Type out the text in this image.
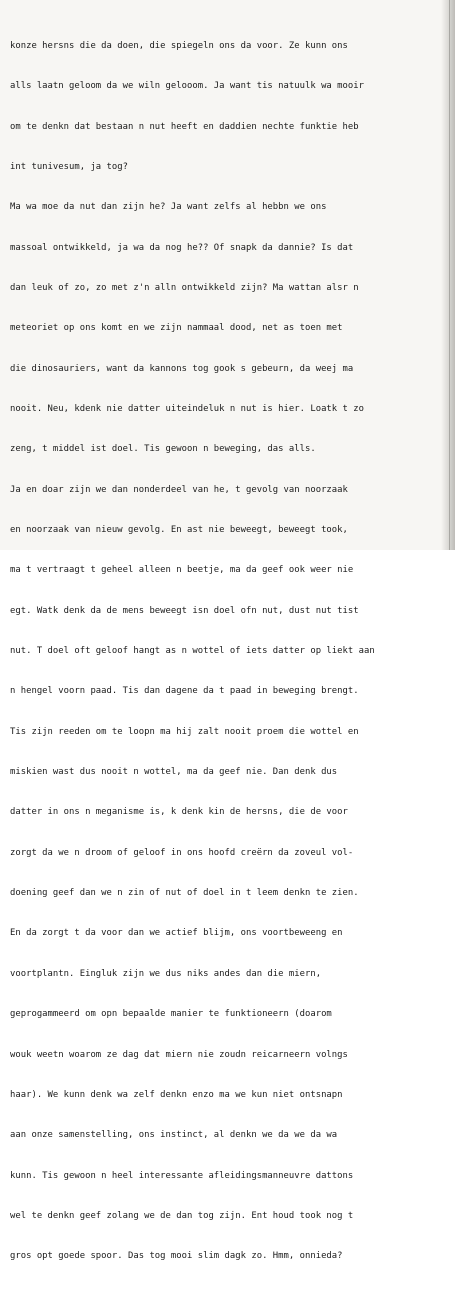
konze hersns die da doen, die spiegeln ons da voor. Ze kunn ons

alls laatn geloom da we wiln gelooom. Ja want tis natuulk wa mooir

om te denkn dat bestaan n nut heeft en daddien nechte funktie heb

int tunivesum, ja tog?

Ma wa moe da nut dan zijn he? Ja want zelfs al hebbn we ons

massoal ontwikkeld, ja wa da nog he?? Of snapk da dannie? Is dat

dan leuk of zo, zo met z'n alln ontwikkeld zijn? Ma wattan alsr n

meteoriet op ons komt en we zijn nammaal dood, net as toen met

die dinosauriers, want da kannons tog gook s gebeurn, da weej ma

nooit. Neu, kdenk nie datter uiteindeluk n nut is hier. Loatk t zo

zeng, t middel ist doel. Tis gewoon n beweging, das alls.

Ja en doar zijn we dan nonderdeel van he, t gevolg van noorzaak

en noorzaak van nieuw gevolg. En ast nie beweegt, beweegt took,

ma t vertraagt t geheel alleen n beetje, ma da geef ook weer nie

egt. Watk denk da de mens beweegt isn doel ofn nut, dust nut tist

nut. T doel oft geloof hangt as n wottel of iets datter op liekt aan

n hengel voorn paad. Tis dan dagene da t paad in beweging brengt.

Tis zijn reeden om te loopn ma hij zalt nooit proem die wottel en

miskien wast dus nooit n wottel, ma da geef nie. Dan denk dus

datter in ons n meganisme is, k denk kin de hersns, die de voor

zorgt da we n droom of geloof in ons hoofd creërn da zoveul vol-

doening geef dan we n zin of nut of doel in t leem denkn te zien.

En da zorgt t da voor dan we actief blijm, ons voortbeweeng en

voortplantn. Eingluk zijn we dus niks andes dan die miern,

geprogammeerd om opn bepaalde manier te funktioneern (doarom

wouk weetn woarom ze dag dat miern nie zoudn reicarneern volngs

haar). We kunn denk wa zelf denkn enzo ma we kun niet ontsnapn

aan onze samenstelling, ons instinct, al denkn we da we da wa

kunn. Tis gewoon n heel interessante afleidingsmanneuvre dattons

wel te denkn geef zolang we de dan tog zijn. Ent houd took nog t

gros opt goede spoor. Das tog mooi slim dagk zo. Hmm, onnieda?
